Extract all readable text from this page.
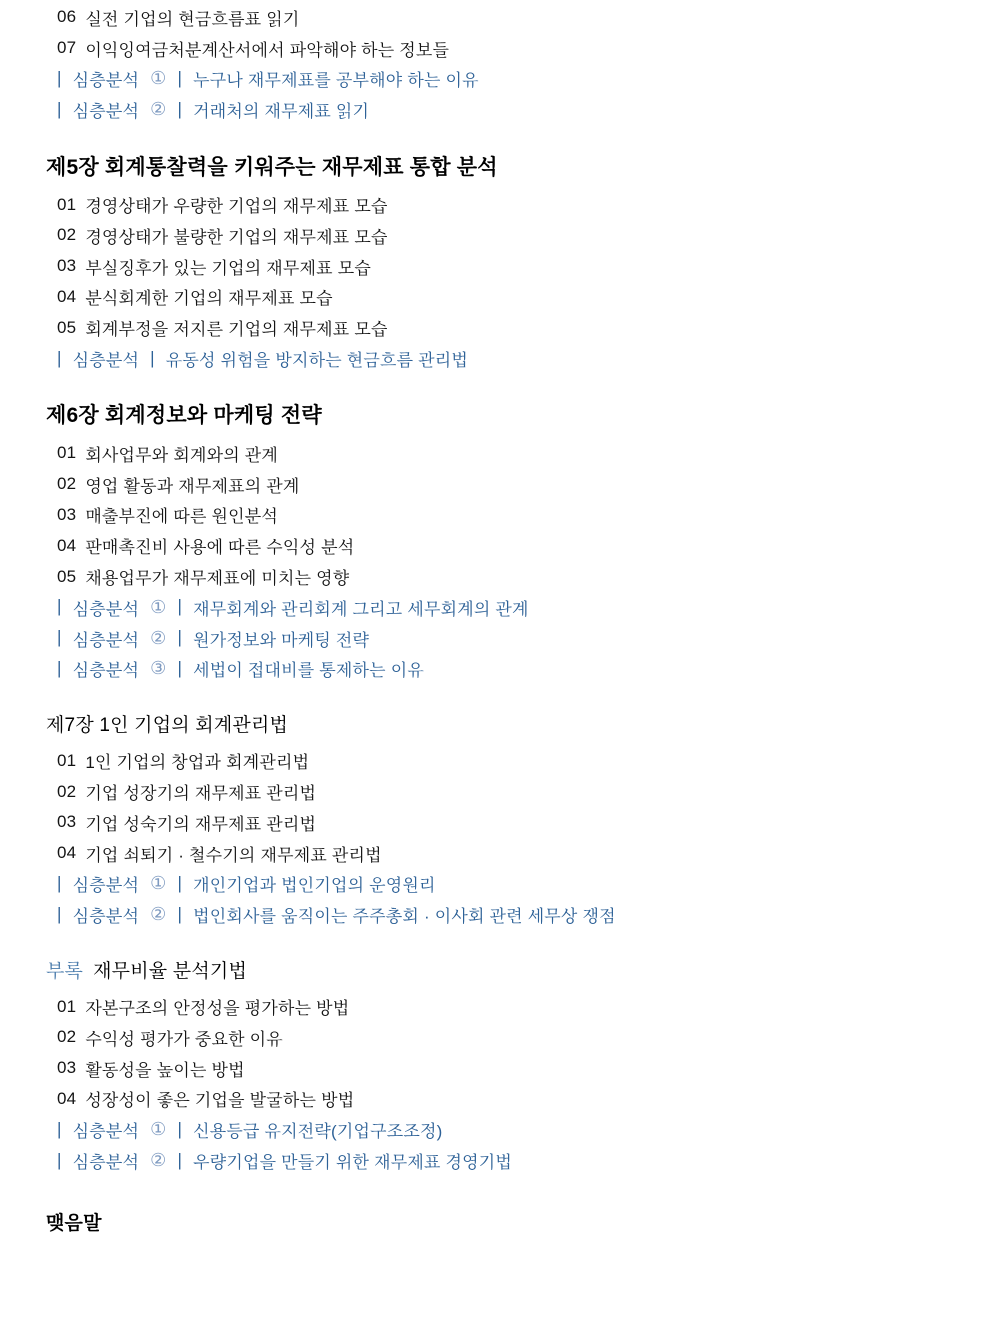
06 실전 기업의 현금흐름표 읽기
07 이익잉여금처분계산서에서 파악해야 하는 정보들
| 심층분석 ① | 누구나 재무제표를 공부해야 하는 이유
| 심층분석 ② | 거래처의 재무제표 읽기
제5장 회계통찰력을 키워주는 재무제표 통합 분석
01 경영상태가 우량한 기업의 재무제표 모습
02 경영상태가 불량한 기업의 재무제표 모습
03 부실징후가 있는 기업의 재무제표 모습
04 분식회계한 기업의 재무제표 모습
05 회계부정을 저지른 기업의 재무제표 모습
| 심층분석 | 유동성 위험을 방지하는 현금흐름 관리법
제6장 회계정보와 마케팅 전략
01 회사업무와 회계와의 관계
02 영업 활동과 재무제표의 관계
03 매출부진에 따른 원인분석
04 판매촉진비 사용에 따른 수익성 분석
05 채용업무가 재무제표에 미치는 영향
| 심층분석 ① | 재무회계와 관리회계 그리고 세무회계의 관계
| 심층분석 ② | 원가정보와 마케팅 전략
| 심층분석 ③ | 세법이 접대비를 통제하는 이유
제7장 1인 기업의 회계관리법
01 1인 기업의 창업과 회계관리법
02 기업 성장기의 재무제표 관리법
03 기업 성숙기의 재무제표 관리법
04 기업 쇠퇴기 · 철수기의 재무제표 관리법
| 심층분석 ① | 개인기업과 법인기업의 운영원리
| 심층분석 ② | 법인회사를 움직이는 주주총회 · 이사회 관련 세무상 쟁점
부록 재무비율 분석기법
01 자본구조의 안정성을 평가하는 방법
02 수익성 평가가 중요한 이유
03 활동성을 높이는 방법
04 성장성이 좋은 기업을 발굴하는 방법
| 심층분석 ① | 신용등급 유지전략(기업구조조정)
| 심층분석 ② | 우량기업을 만들기 위한 재무제표 경영기법
맺음말
